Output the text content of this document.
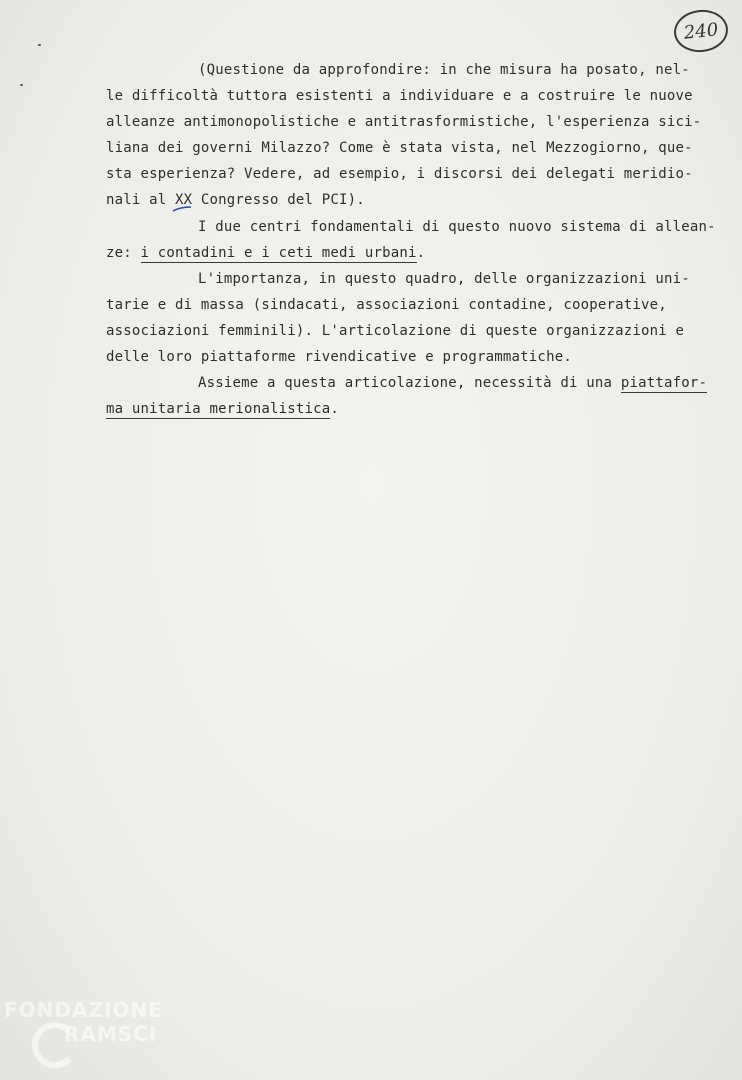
240
(Questione da approfondire: in che misura ha posato, nel-
le difficoltà tuttora esistenti a individuare e a costruire le nuove
alleanze antimonopolistiche e antitrasformistiche, l'esperienza sici-
liana dei governi Milazzo? Come è stata vista, nel Mezzogiorno, que-
sta esperienza? Vedere, ad esempio, i discorsi dei delegati meridio-
nali al XX Congresso del PCI).
I due centri fondamentali di questo nuovo sistema di allean-
ze: i contadini e i ceti medi urbani.
L'importanza, in questo quadro, delle organizzazioni uni-
tarie e di massa (sindacati, associazioni contadine, cooperative,
associazioni femminili). L'articolazione di queste organizzazioni e
delle loro piattaforme rivendicative e programmatiche.
Assieme a questa articolazione, necessità di una piattafor-
ma unitaria merionalistica.
FONDAZIONE
RAMSCI
